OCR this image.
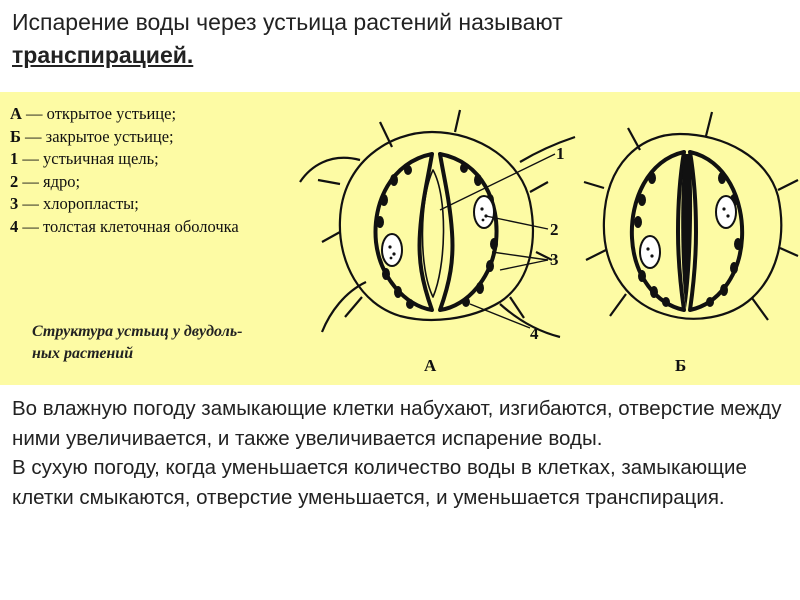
Испарение воды через устьица растений называют
транспирацией.
А — открытое устьице;
Б — закрытое устьице;
1 — устьичная щель;
2 — ядро;
3 — хлоропласты;
4 — толстая клеточная оболочка
Структура устьиц у двудоль-
ных растений
1
2
3
4
А	Б

Во влажную погоду замыкающие клетки набухают, изгибаются, отверстие между ними увеличивается, и также увеличивается испарение воды.

В сухую погоду, когда уменьшается количество воды в клетках, замыкающие клетки смыкаются, отверстие уменьшается, и уменьшается транспирация.
